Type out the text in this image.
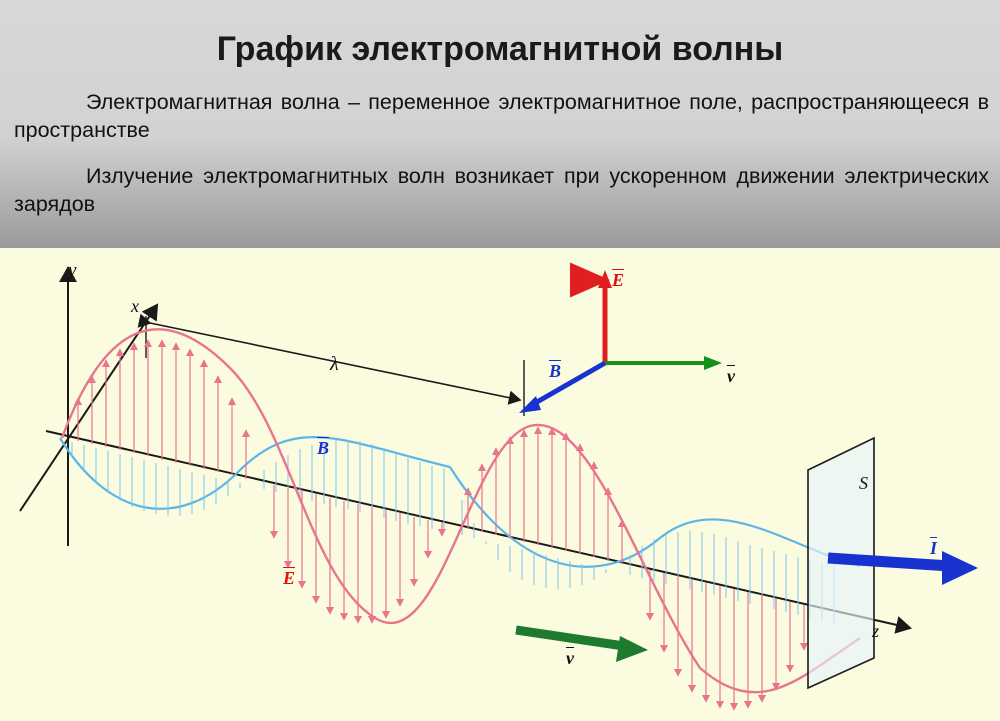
График электромагнитной волны
Электромагнитная волна – переменное электромагнитное поле, распространяющееся в пространстве
Излучение электромагнитных волн возникает при ускоренном движении электрических зарядов
y
x
z
λ
$\overline{E}$
$\overline{B}$	$\overline{v}$
$\overline{B}$
$\overline{E}$
$\overline{v}$
S
$\overline{I}$
